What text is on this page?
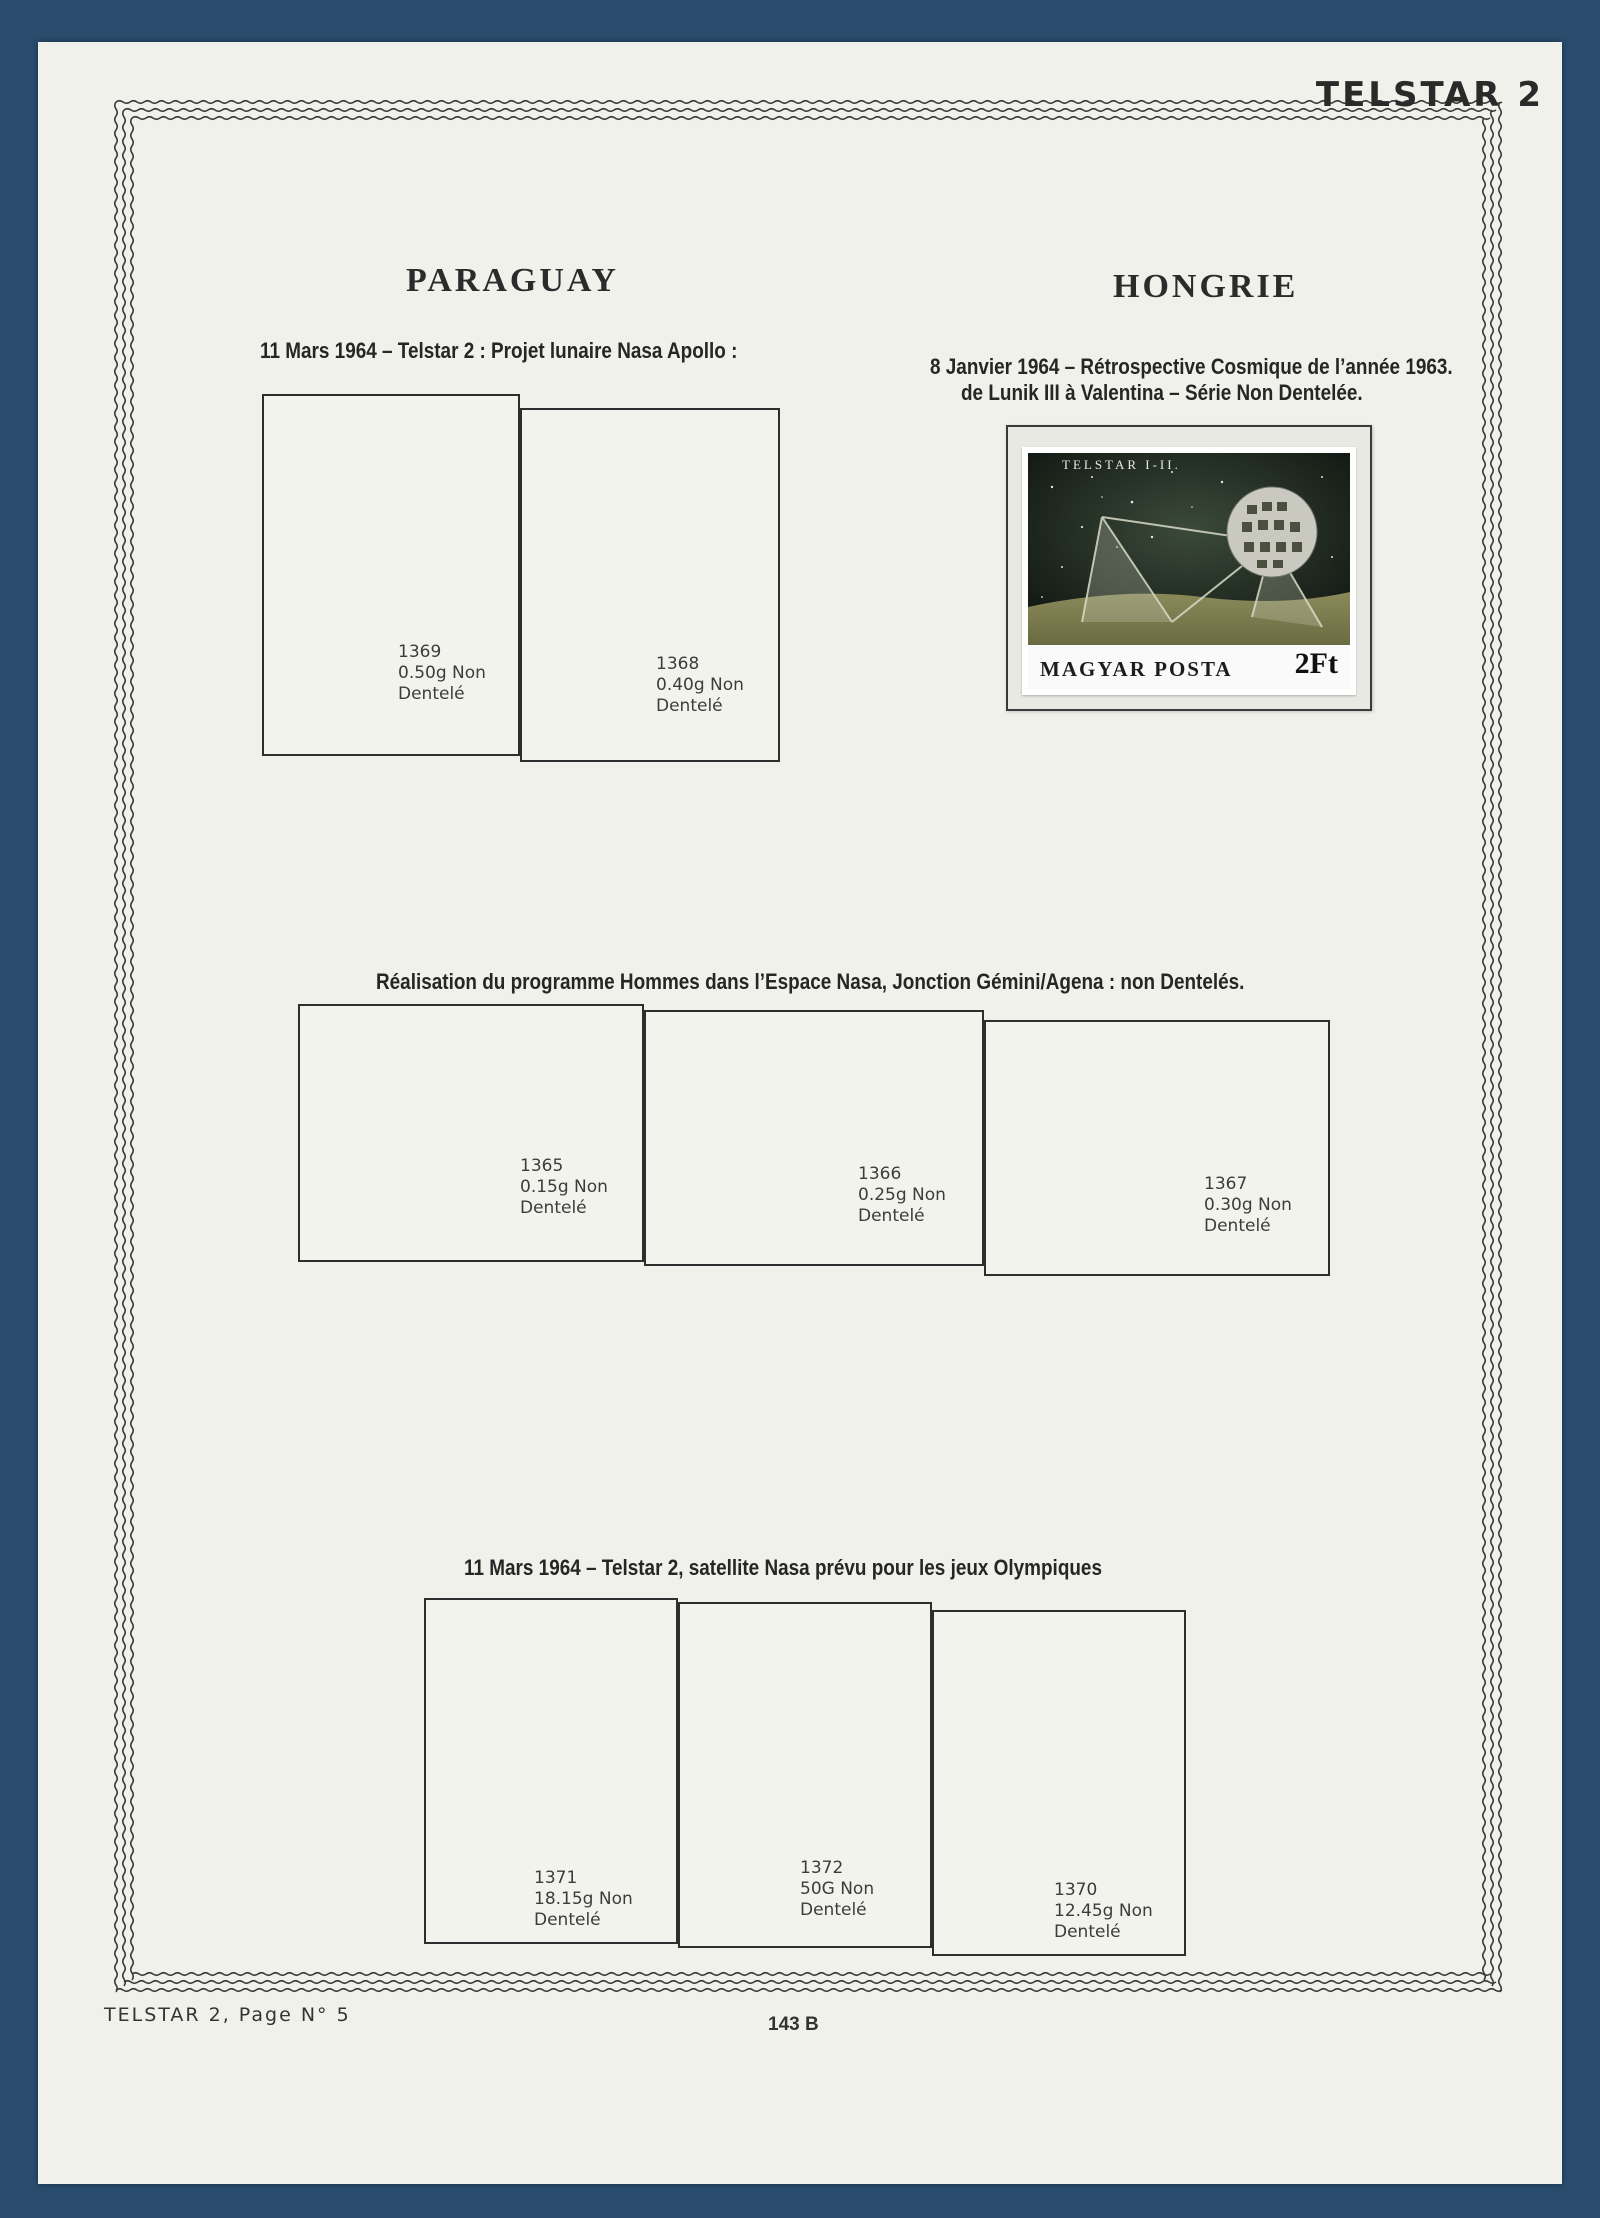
TELSTAR 2
PARAGUAY	HONGRIE
11 Mars 1964 – Telstar 2 : Projet lunaire Nasa Apollo :
8 Janvier 1964 – Rétrospective Cosmique de l’année 1963.
de Lunik III à Valentina – Série Non Dentelée.
1369
0.50g Non
Dentelé
1368
0.40g Non
Dentelé
TELSTAR I-II.
MAGYAR POSTA 2Ft
Réalisation du programme Hommes dans l’Espace Nasa, Jonction Gémini/Agena : non Dentelés.
1365
0.15g Non
Dentelé
1366
0.25g Non
Dentelé
1367
0.30g Non
Dentelé
11 Mars 1964 – Telstar 2, satellite Nasa prévu pour les jeux Olympiques
1371
18.15g Non
Dentelé
1372
50G Non
Dentelé
1370
12.45g Non
Dentelé
TELSTAR 2, Page N° 5	143 B
